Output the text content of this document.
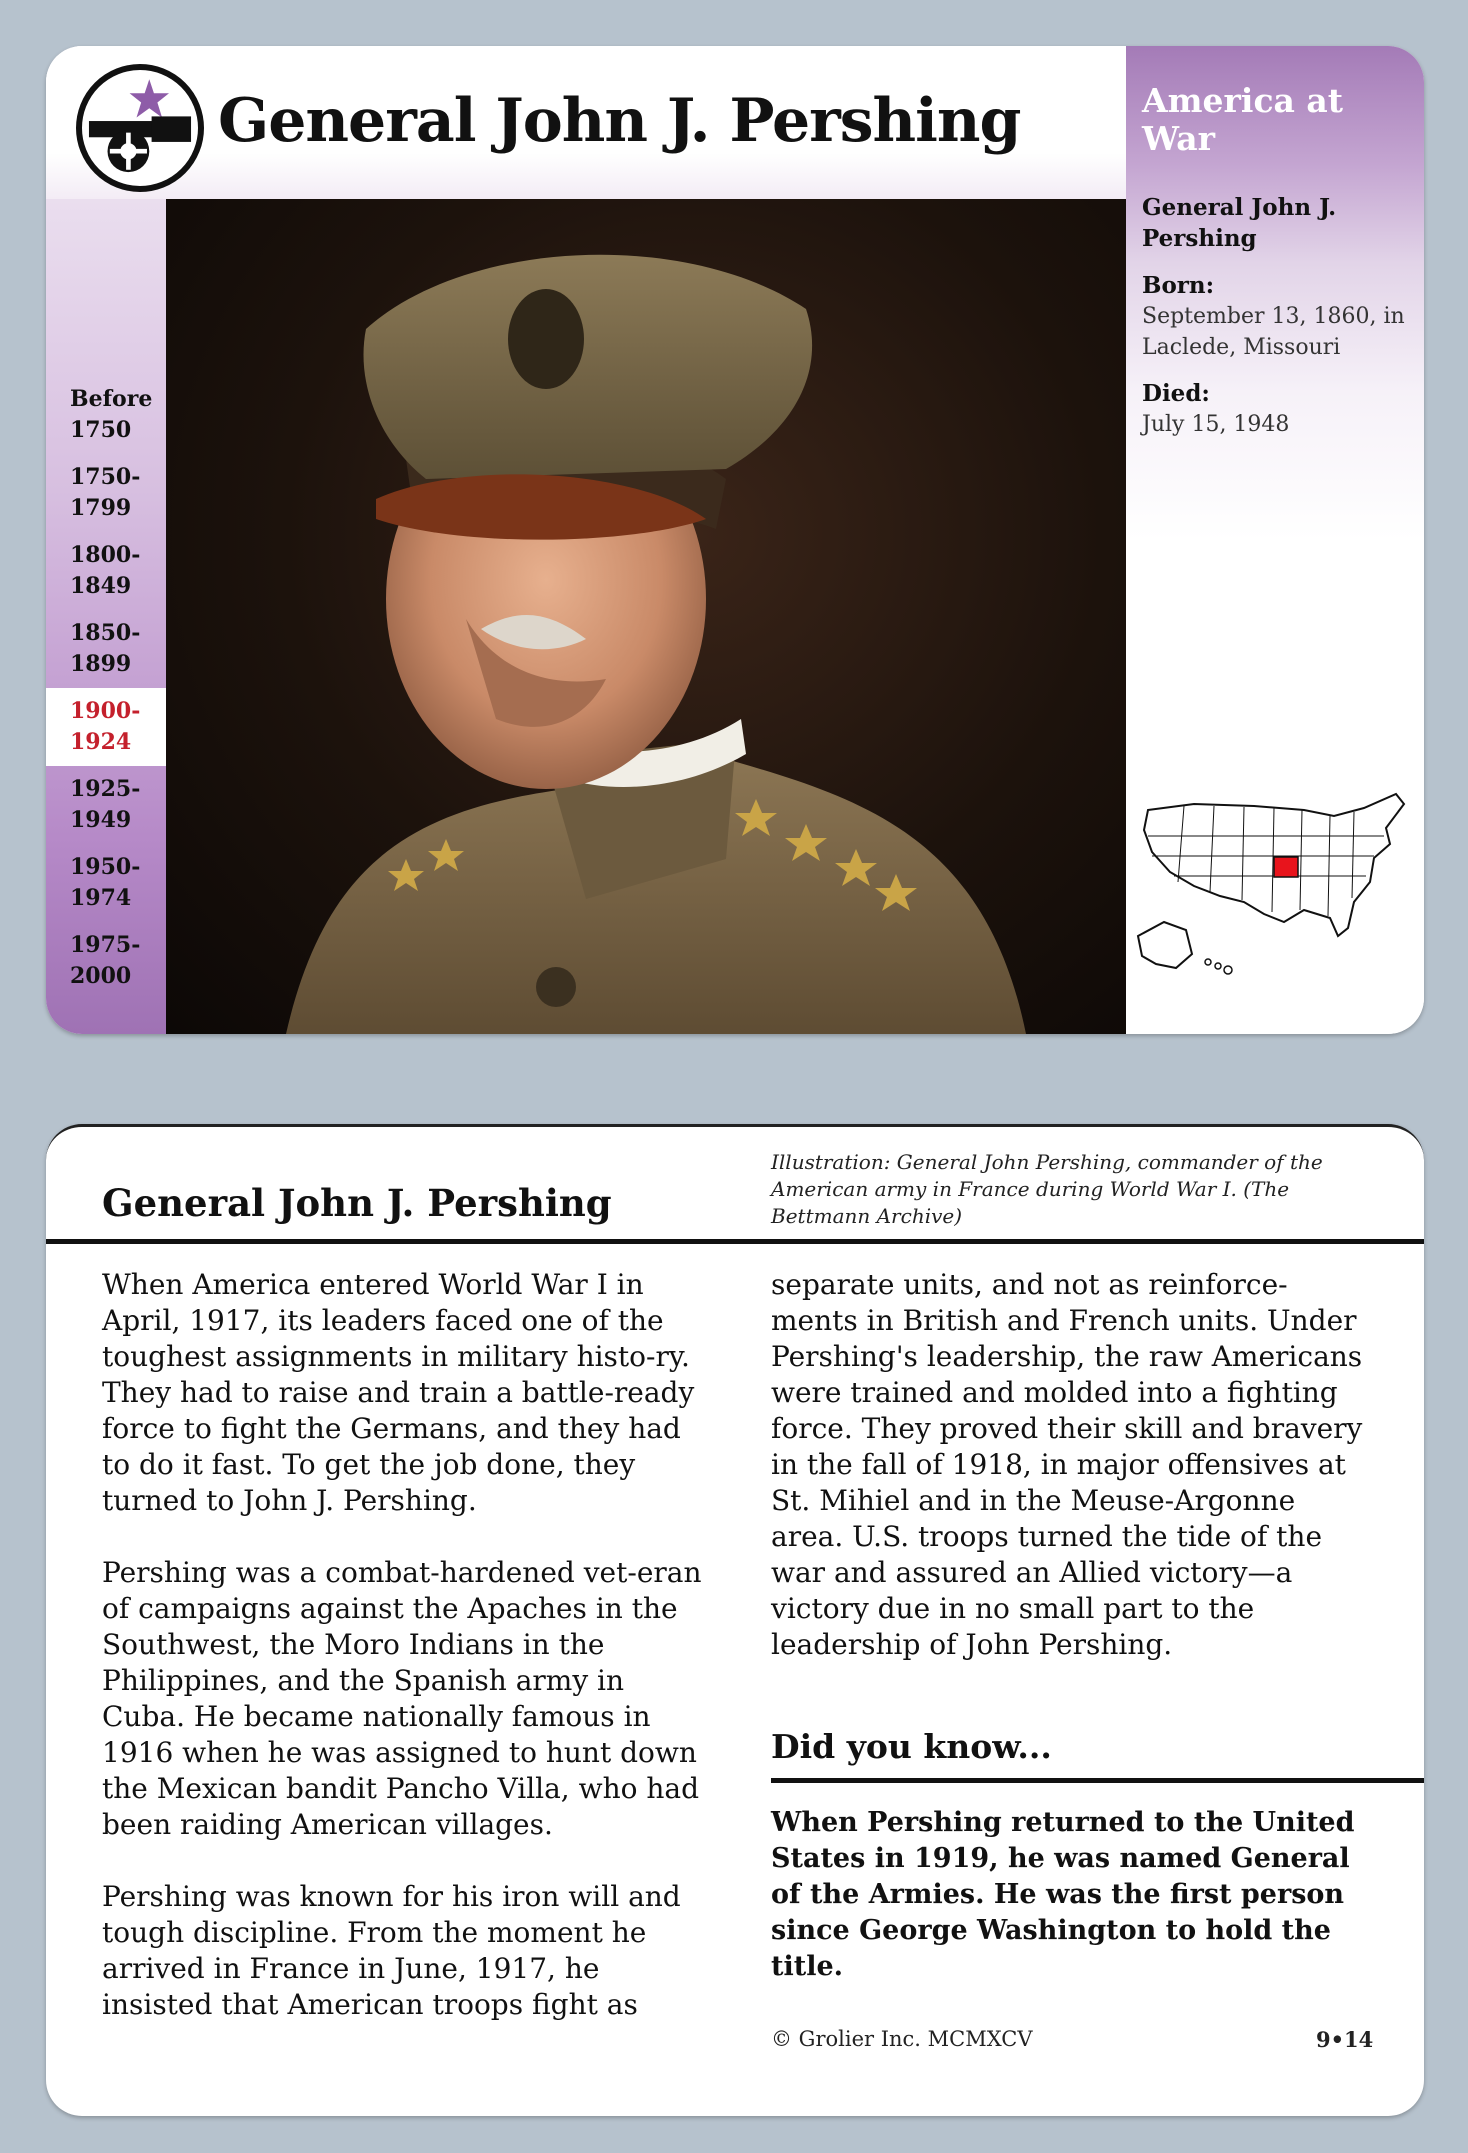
General John J. Pershing
Before
1750
1750-
1799
1800-
1849
1850-
1899
1900-
1924
1925-
1949
1950-
1974
1975-
2000
America at War
General John J. Pershing
Born:
September 13, 1860, in Laclede, Missouri
Died:
July 15, 1948
General John J. Pershing
Illustration: General John Pershing, commander of the American army in France during World War I. (The Bettmann Archive)

When America entered World War I in April, 1917, its leaders faced one of the toughest assignments in military histo-ry. They had to raise and train a battle-ready force to fight the Germans, and they had to do it fast. To get the job done, they turned to John J. Pershing.

Pershing was a combat-hardened vet-eran of campaigns against the Apaches in the Southwest, the Moro Indians in the Philippines, and the Spanish army in Cuba. He became nationally famous in 1916 when he was assigned to hunt down the Mexican bandit Pancho Villa, who had been raiding American villages.

Pershing was known for his iron will and tough discipline. From the moment he arrived in France in June, 1917, he insisted that American troops fight as

separate units, and not as reinforce-ments in British and French units. Under Pershing's leadership, the raw Americans were trained and molded into a fighting force. They proved their skill and bravery in the fall of 1918, in major offensives at St. Mihiel and in the Meuse-Argonne area. U.S. troops turned the tide of the war and assured an Allied victory—a victory due in no small part to the leadership of John Pershing.

Did you know...
When Pershing returned to the United States in 1919, he was named General of the Armies. He was the first person since George Washington to hold the title.
© Grolier Inc. MCMXCV	9•14
